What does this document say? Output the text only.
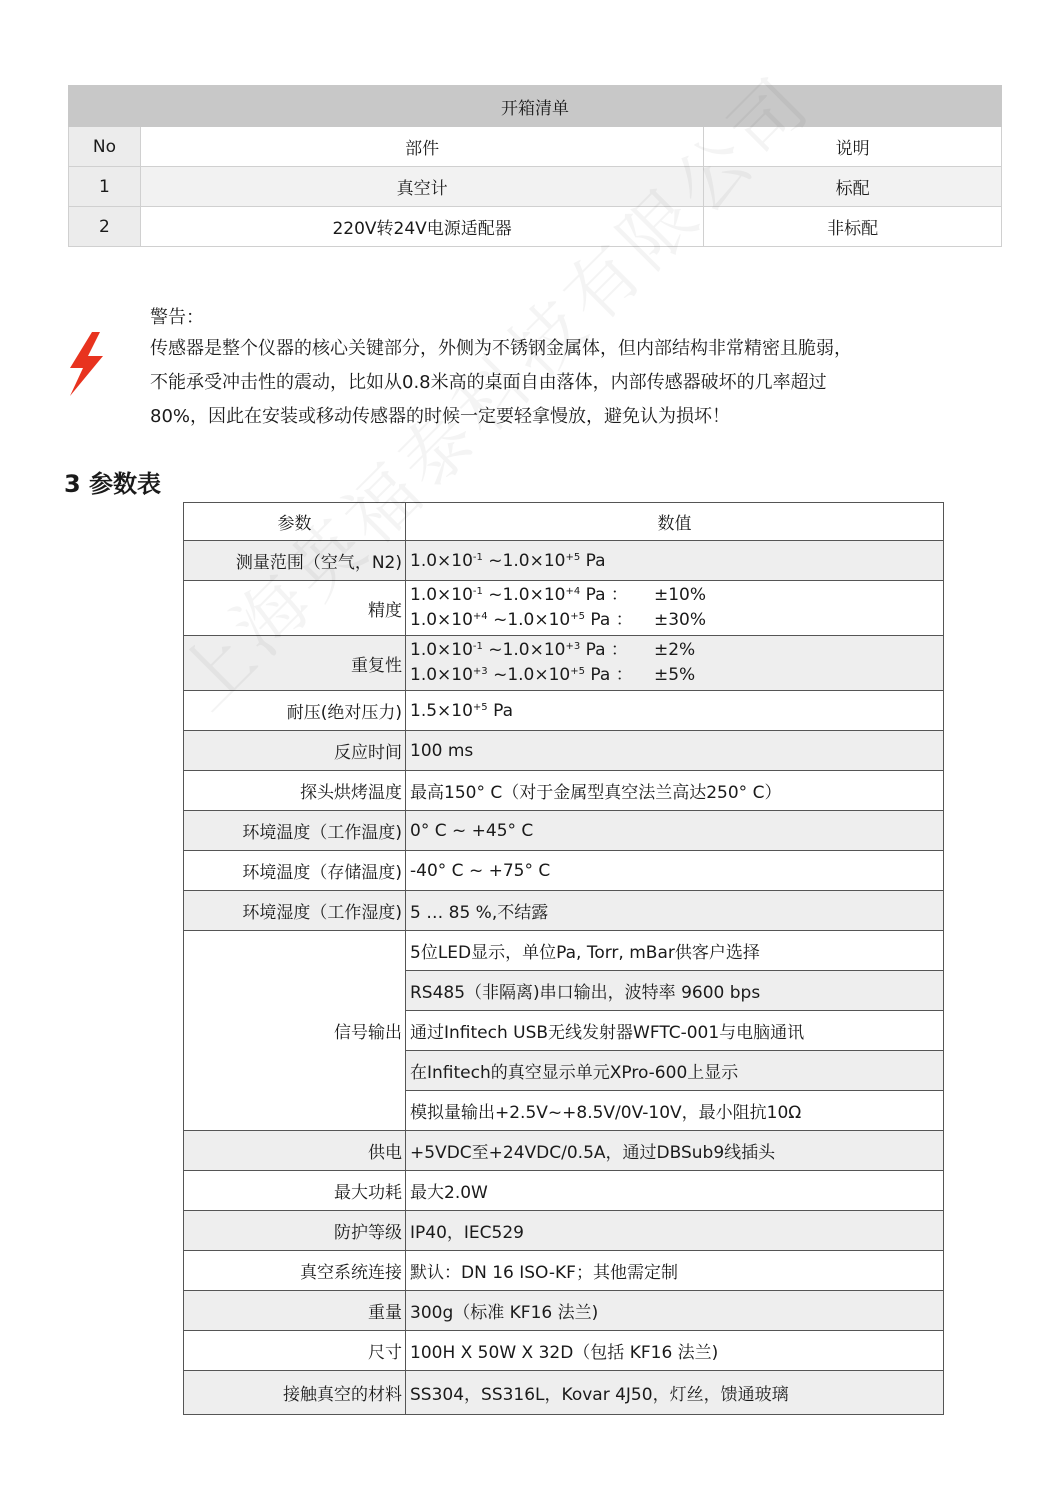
开箱清单		
No	部件	说明
1	真空计	标配
2	220V转24V电源适配器	非标配
警告：

传感器是整个仪器的核心关键部分，外侧为不锈钢金属体，但内部结构非常精密且脆弱，

不能承受冲击性的震动，比如从0.8米高的桌面自由落体，内部传感器破坏的几率超过

80%，因此在安装或移动传感器的时候一定要轻拿慢放，避免认为损坏！

3 参数表
参数	数值
测量范围（空气，N2)	$1.0\times 10^{-1}$ $\sim 1.0\times 10^{+5}$ Pa
精度	$1.0\times 10^{-1}$ $\sim 1.0\times 10^{+4}$ Pa ： ±10%
$1.0\times 10^{+4}$ $\sim 1.0\times 10^{+5}$ Pa ： ±30%

重复性	$1.0\times 10^{-1}$ $\sim 1.0\times 10^{+3}$ Pa ： ±2%
$1.0\times 10^{+3}$ $\sim 1.0\times 10^{+5}$ Pa ： ±5%

耐压(绝对压力)	$1.5\times 10^{+5}$ Pa
反应时间	100 ms
探头烘烤温度	最高150° C（对于金属型真空法兰高达250° C）
环境温度（工作温度)	0° C ~ +45° C
环境温度（存储温度)	-40° C ~ +75° C
环境湿度（工作湿度)	5 … 85 %,不结露
信号输出	5位LED显示，单位Pa, Torr, mBar供客户选择
	RS485（非隔离)串口输出，波特率 9600 bps
	通过Infitech USB无线发射器WFTC-001与电脑通讯
	在Infitech的真空显示单元XPro-600上显示
	模拟量输出+2.5V~+8.5V/0V-10V，最小阻抗10Ω
供电	+5VDC至+24VDC/0.5A，通过DBSub9线插头
最大功耗	最大2.0W
防护等级	IP40，IEC529
真空系统连接	默认：DN 16 ISO-KF；其他需定制
重量	300g（标准 KF16 法兰)
尺寸	100H X 50W X 32D（包括 KF16 法兰)
接触真空的材料	SS304，SS316L，Kovar 4J50，灯丝，馈通玻璃
